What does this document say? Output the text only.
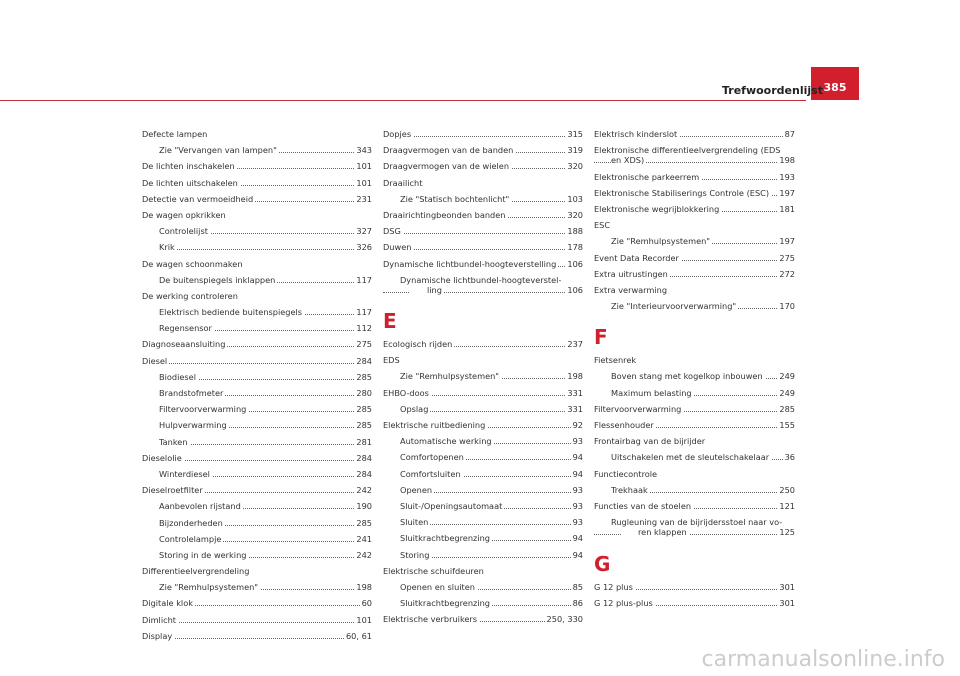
385
Trefwoordenlijst
Defecte lampen
Zie "Vervangen van lampen"	343
De lichten inschakelen	101
De lichten uitschakelen	101
Detectie van vermoeidheid	231
De wagen opkrikken
Controlelijst	327
Krik	326
De wagen schoonmaken
De buitenspiegels inklappen	117
De werking controleren
Elektrisch bediende buitenspiegels	117
Regensensor	112
Diagnoseaansluiting	275
Diesel	284
Biodiesel	285
Brandstofmeter	280
Filtervoorverwarming	285
Hulpverwarming	285
Tanken	281
Dieselolie	284
Winterdiesel	284
Dieselroetfilter	242
Aanbevolen rijstand	190
Bijzonderheden	285
Controlelampje	241
Storing in de werking	242
Differentieelvergrendeling
Zie "Remhulpsystemen"	198
Digitale klok	60
Dimlicht	101
Display	60, 61
Dopjes	315
Draagvermogen van de banden	319
Draagvermogen van de wielen	320
Draailicht
Zie "Statisch bochtenlicht"	103
Draairichtingbeonden banden	320
DSG	188
Duwen	178
Dynamische lichtbundel-hoogteverstelling 106
Dynamische lichtbundel-hoogteverstel-
ling	106
E
Ecologisch rijden	237
EDS
Zie "Remhulpsystemen"	198
EHBO-doos	331
Opslag	331
Elektrische ruitbediening	92
Automatische werking	93
Comfortopenen	94
Comfortsluiten	94
Openen	93
Sluit-/Openingsautomaat	93
Sluiten	93
Sluitkrachtbegrenzing	94
Storing	94
Elektrische schuifdeuren
Openen en sluiten	85
Sluitkrachtbegrenzing	86
Elektrische verbruikers	250, 330
Elektrisch kinderslot	87
Elektronische differentieelvergrendeling (EDS
en XDS)	198
Elektronische parkeerrem	193
Elektronische Stabiliserings Controle (ESC) 197
Elektronische wegrijblokkering	181
ESC
Zie "Remhulpsystemen"	197
Event Data Recorder	275
Extra uitrustingen	272
Extra verwarming
Zie "Interieurvoorverwarming"	170
F
Fietsenrek
Boven stang met kogelkop inbouwen 249
Maximum belasting	249
Filtervoorverwarming	285
Flessenhouder	155
Frontairbag van de bijrijder
Uitschakelen met de sleutelschakelaar 36
Functiecontrole
Trekhaak	250
Functies van de stoelen	121
Rugleuning van de bijrijdersstoel naar vo-
ren klappen	125
G
G 12 plus	301
G 12 plus-plus	301
carmanualsonline.info
